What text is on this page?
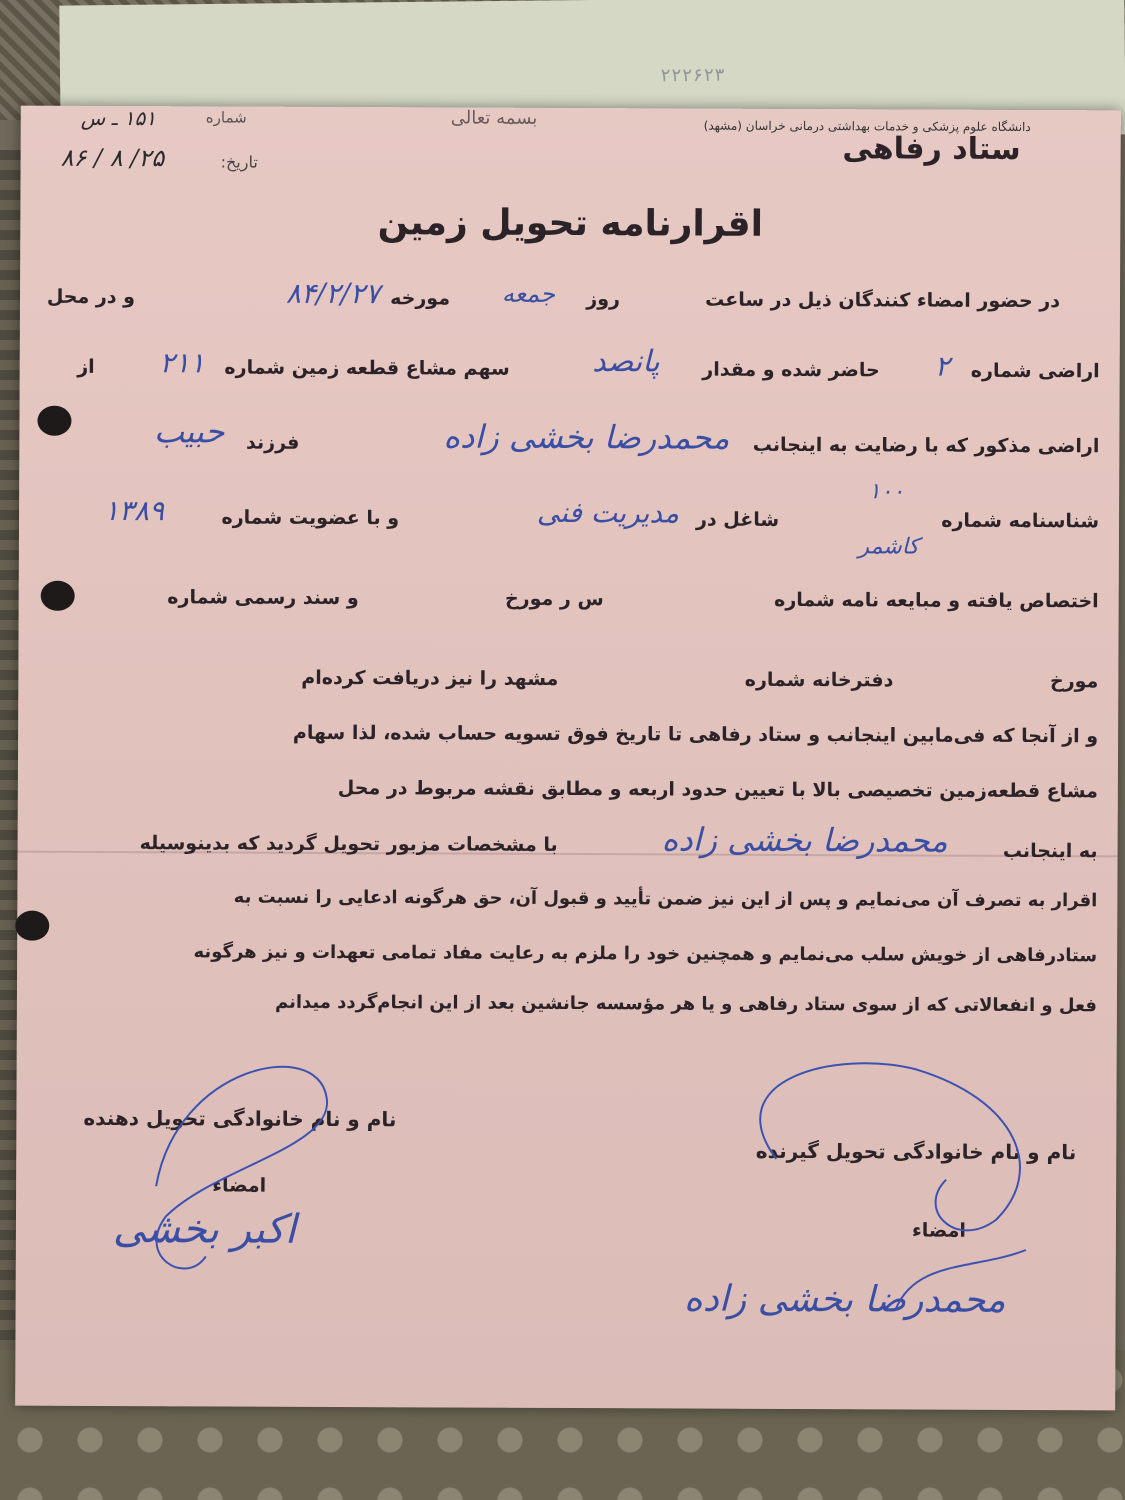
۲۲۲۶۲۳
دانشگاه علوم پزشکی و خدمات بهداشتی درمانی خراسان (مشهد)
ستاد رفاهی
بسمه تعالی
شماره
۱۵۱ ـ س
تاریخ:
۲۵/ ۸ / ۸۶
اقرارنامه تحویل زمین
در حضور امضاء کنندگان ذیل در ساعت
جمعه روز
مورخه
۸۴/۲/۲۷
و در محل
اراضی شماره
۲
حاضر شده و مقدار
پانصد
سهم مشاع قطعه زمین شماره
۲۱۱
از
اراضی مذکور که با رضایت به اینجانب
محمدرضا بخشی زاده
فرزند
حبیب
شناسنامه شماره
۱۰۰
کاشمر
شاغل در
مدیریت فنی
و با عضویت شماره
۱۳۸۹
اختصاص یافته و مبایعه نامه شماره
س ر مورخ
و سند رسمی شماره
مورخ
دفترخانه شماره
مشهد را نیز دریافت کرده‌ام
و از آنجا که فی‌مابین اینجانب و ستاد رفاهی تا تاریخ فوق تسویه حساب شده، لذا سهام
مشاع قطعه‌زمین تخصیصی بالا با تعیین حدود اربعه و مطابق نقشه مربوط در محل
به اینجانب
محمدرضا بخشی زاده
با مشخصات مزبور تحویل گردید که بدینوسیله
اقرار به تصرف آن می‌نمایم و پس از این نیز ضمن تأیید و قبول آن، حق هرگونه ادعایی را نسبت به
ستادرفاهی از خویش سلب می‌نمایم و همچنین خود را ملزم به رعایت مفاد تمامی تعهدات و نیز هرگونه
فعل و انفعالاتی که از سوی ستاد رفاهی و یا هر مؤسسه جانشین بعد از این انجام‌گردد میدانم
نام و نام خانوادگی تحویل دهنده
نام و نام خانوادگی تحویل گیرنده
امضاء
امضاء
اکبر بخشی
محمدرضا بخشی زاده
